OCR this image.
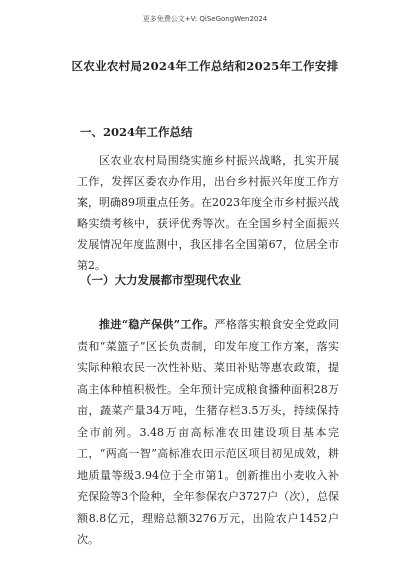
更多免费公文+V: QiSeGongWen2024
区农业农村局2024年工作总结和2025年工作安排
一、2024年工作总结

区农业农村局围绕实施乡村振兴战略，扎实开展工作，发挥区委农办作用，出台乡村振兴年度工作方案，明确89项重点任务。在2023年度全市乡村振兴战略实绩考核中，获评优秀等次。在全国乡村全面振兴发展情况年度监测中，我区排名全国第67，位居全市第2。

（一）大力发展都市型现代农业

推进“稳产保供”工作。严格落实粮食安全党政同责和“菜篮子”区长负责制，印发年度工作方案，落实实际种粮农民一次性补贴、菜田补贴等惠农政策，提高主体种植积极性。全年预计完成粮食播种面积28万亩，蔬菜产量34万吨，生猪存栏3.5万头，持续保持全市前列。3.48万亩高标准农田建设项目基本完工，“两高一智”高标准农田示范区项目初见成效，耕地质量等级3.94位于全市第1。创新推出小麦收入补充保险等3个险种，全年参保农户3727户（次），总保额8.8亿元，理赔总额3276万元，出险农户1452户次。
